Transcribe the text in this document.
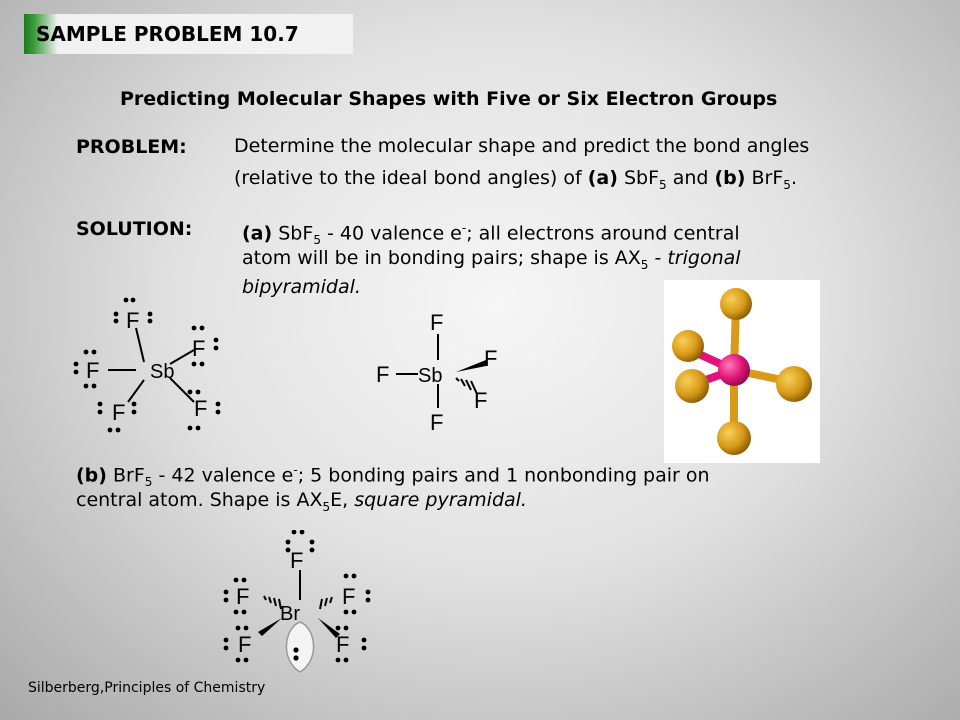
SAMPLE PROBLEM 10.7
Predicting Molecular Shapes with Five or Six Electron Groups
PROBLEM: Determine the molecular shape and predict the bond angles
(relative to the ideal bond angles) of (a) SbF$_5$ and (b) BrF$_5$.
SOLUTION:	(a) SbF$_5$ - 40 valence e-; all electrons around central
atom will be in bonding pairs; shape is $AX_5$ - trigonal
bipyramidal.
Sb
F
F
F
F	F
F
F Sb
F
F
F
(b) BrF$_5$ - 42 valence e-; 5 bonding pairs and 1 nonbonding pair on
central atom. Shape is $AX_5E$, square pyramidal.
F
F	F
Br
F	F
Silberberg,Principles of Chemistry
